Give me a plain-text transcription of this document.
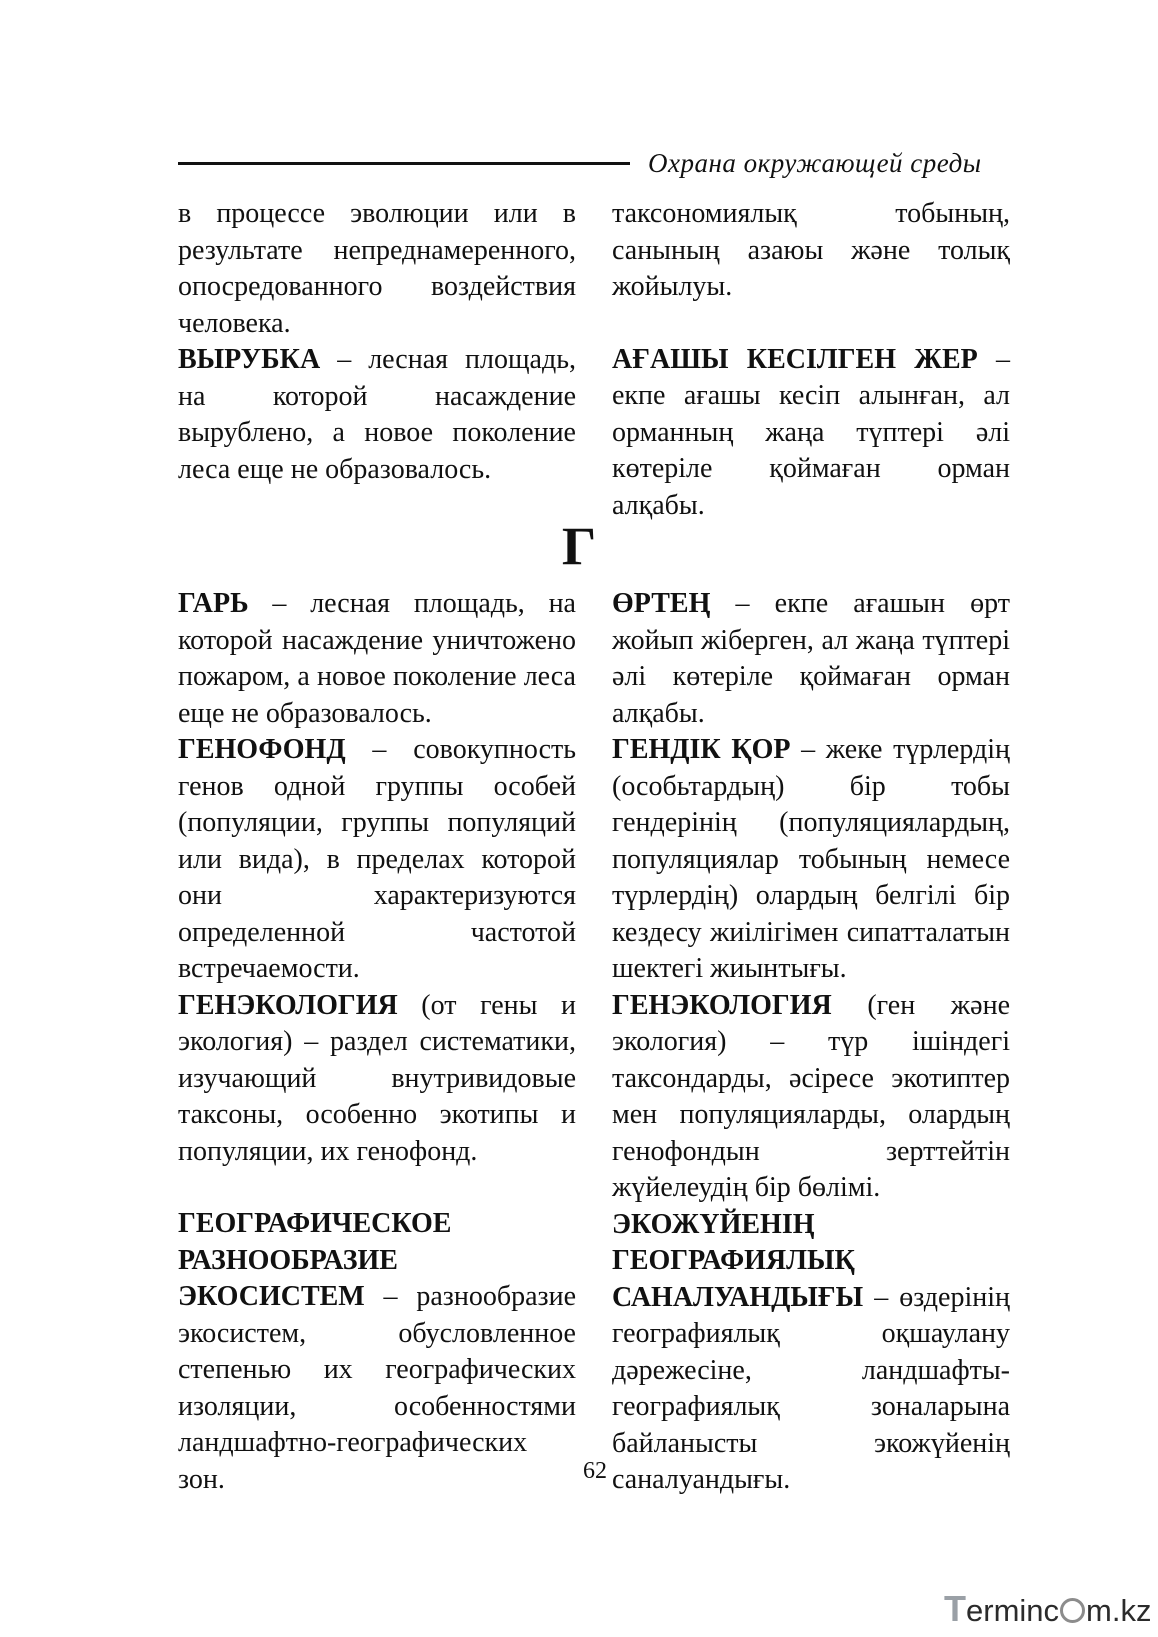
Охрана окружающей среды

в процессе эволюции или в результате непреднамеренного, опосредованного воздействия человека.

ВЫРУБКА – лесная площадь, на которой насаждение вырублено, а новое поколение леса еще не образовалось.

таксономиялық тобының, санының азаюы және толық жойылуы.

АҒАШЫ КЕСІЛГЕН ЖЕР – екпе ағашы кесіп алынған, ал орманның жаңа түптері әлі көтеріле қоймаған орман алқабы.

Г

ГАРЬ – лесная площадь, на которой насаждение уничтожено пожаром, а новое поколение леса еще не образовалось.

ГЕНОФОНД – совокупность генов одной группы особей (популяции, группы популяций или вида), в пределах которой они характеризуются определенной частотой встречаемости.

ГЕНЭКОЛОГИЯ (от гены и экология) – раздел систематики, изучающий внутривидовые таксоны, особенно экотипы и популяции, их генофонд.

ГЕОГРАФИЧЕСКОЕ РАЗНООБРАЗИЕ ЭКОСИСТЕМ – разнообразие экосистем, обусловленное степенью их географических изоляции, особенностями ландшафтно-географических зон.

ӨРТЕҢ – екпе ағашын өрт жойып жіберген, ал жаңа түптері әлі көтеріле қоймаған орман алқабы.

ГЕНДІК ҚОР – жеке түрлердің (особьтардың) бір тобы гендерінің (популяциялардың, популяциялар тобының немесе түрлердің) олардың белгілі бір кездесу жиілігімен сипатталатын шектегі жиынтығы.

ГЕНЭКОЛОГИЯ (ген және экология) – түр ішіндегі таксондарды, әсіресе экотиптер мен популяцияларды, олардың генофондын зерттейтін жүйелеудің бір бөлімі.

ЭКОЖҮЙЕНІҢ ГЕОГРАФИЯЛЫҚ САНАЛУАНДЫҒЫ – өздерінің географиялық оқшаулану дәрежесіне, ландшафты-географиялық зоналарына байланысты экожүйенің саналуандығы.

62
Terminc m.kz
